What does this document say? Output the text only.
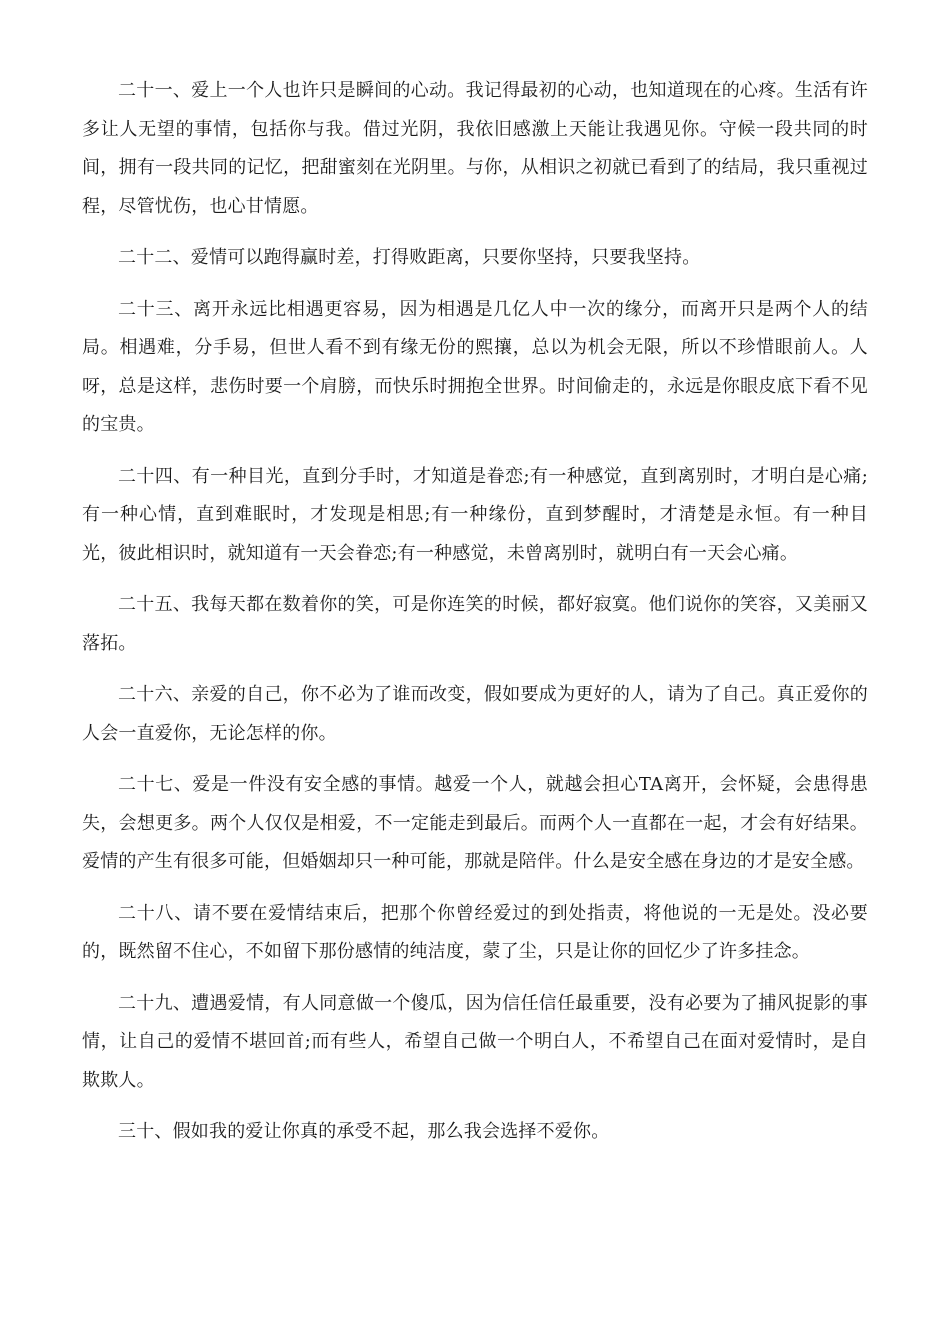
二十一、爱上一个人也许只是瞬间的心动。我记得最初的心动，也知道现在的心疼。生活有许多让人无望的事情，包括你与我。借过光阴，我依旧感激上天能让我遇见你。守候一段共同的时间，拥有一段共同的记忆，把甜蜜刻在光阴里。与你，从相识之初就已看到了的结局，我只重视过程，尽管忧伤，也心甘情愿。

二十二、爱情可以跑得赢时差，打得败距离，只要你坚持，只要我坚持。

二十三、离开永远比相遇更容易，因为相遇是几亿人中一次的缘分，而离开只是两个人的结局。相遇难，分手易，但世人看不到有缘无份的熙攘，总以为机会无限，所以不珍惜眼前人。人呀，总是这样，悲伤时要一个肩膀，而快乐时拥抱全世界。时间偷走的，永远是你眼皮底下看不见的宝贵。

二十四、有一种目光，直到分手时，才知道是眷恋;有一种感觉，直到离别时，才明白是心痛;有一种心情，直到难眠时，才发现是相思;有一种缘份，直到梦醒时，才清楚是永恒。有一种目光，彼此相识时，就知道有一天会眷恋;有一种感觉，未曾离别时，就明白有一天会心痛。

二十五、我每天都在数着你的笑，可是你连笑的时候，都好寂寞。他们说你的笑容，又美丽又落拓。

二十六、亲爱的自己，你不必为了谁而改变，假如要成为更好的人，请为了自己。真正爱你的人会一直爱你，无论怎样的你。

二十七、爱是一件没有安全感的事情。越爱一个人，就越会担心TA离开，会怀疑，会患得患失，会想更多。两个人仅仅是相爱，不一定能走到最后。而两个人一直都在一起，才会有好结果。爱情的产生有很多可能，但婚姻却只一种可能，那就是陪伴。什么是安全感在身边的才是安全感。

二十八、请不要在爱情结束后，把那个你曾经爱过的到处指责，将他说的一无是处。没必要的，既然留不住心，不如留下那份感情的纯洁度，蒙了尘，只是让你的回忆少了许多挂念。

二十九、遭遇爱情，有人同意做一个傻瓜，因为信任信任最重要，没有必要为了捕风捉影的事情，让自己的爱情不堪回首;而有些人，希望自己做一个明白人，不希望自己在面对爱情时，是自欺欺人。

三十、假如我的爱让你真的承受不起，那么我会选择不爱你。
